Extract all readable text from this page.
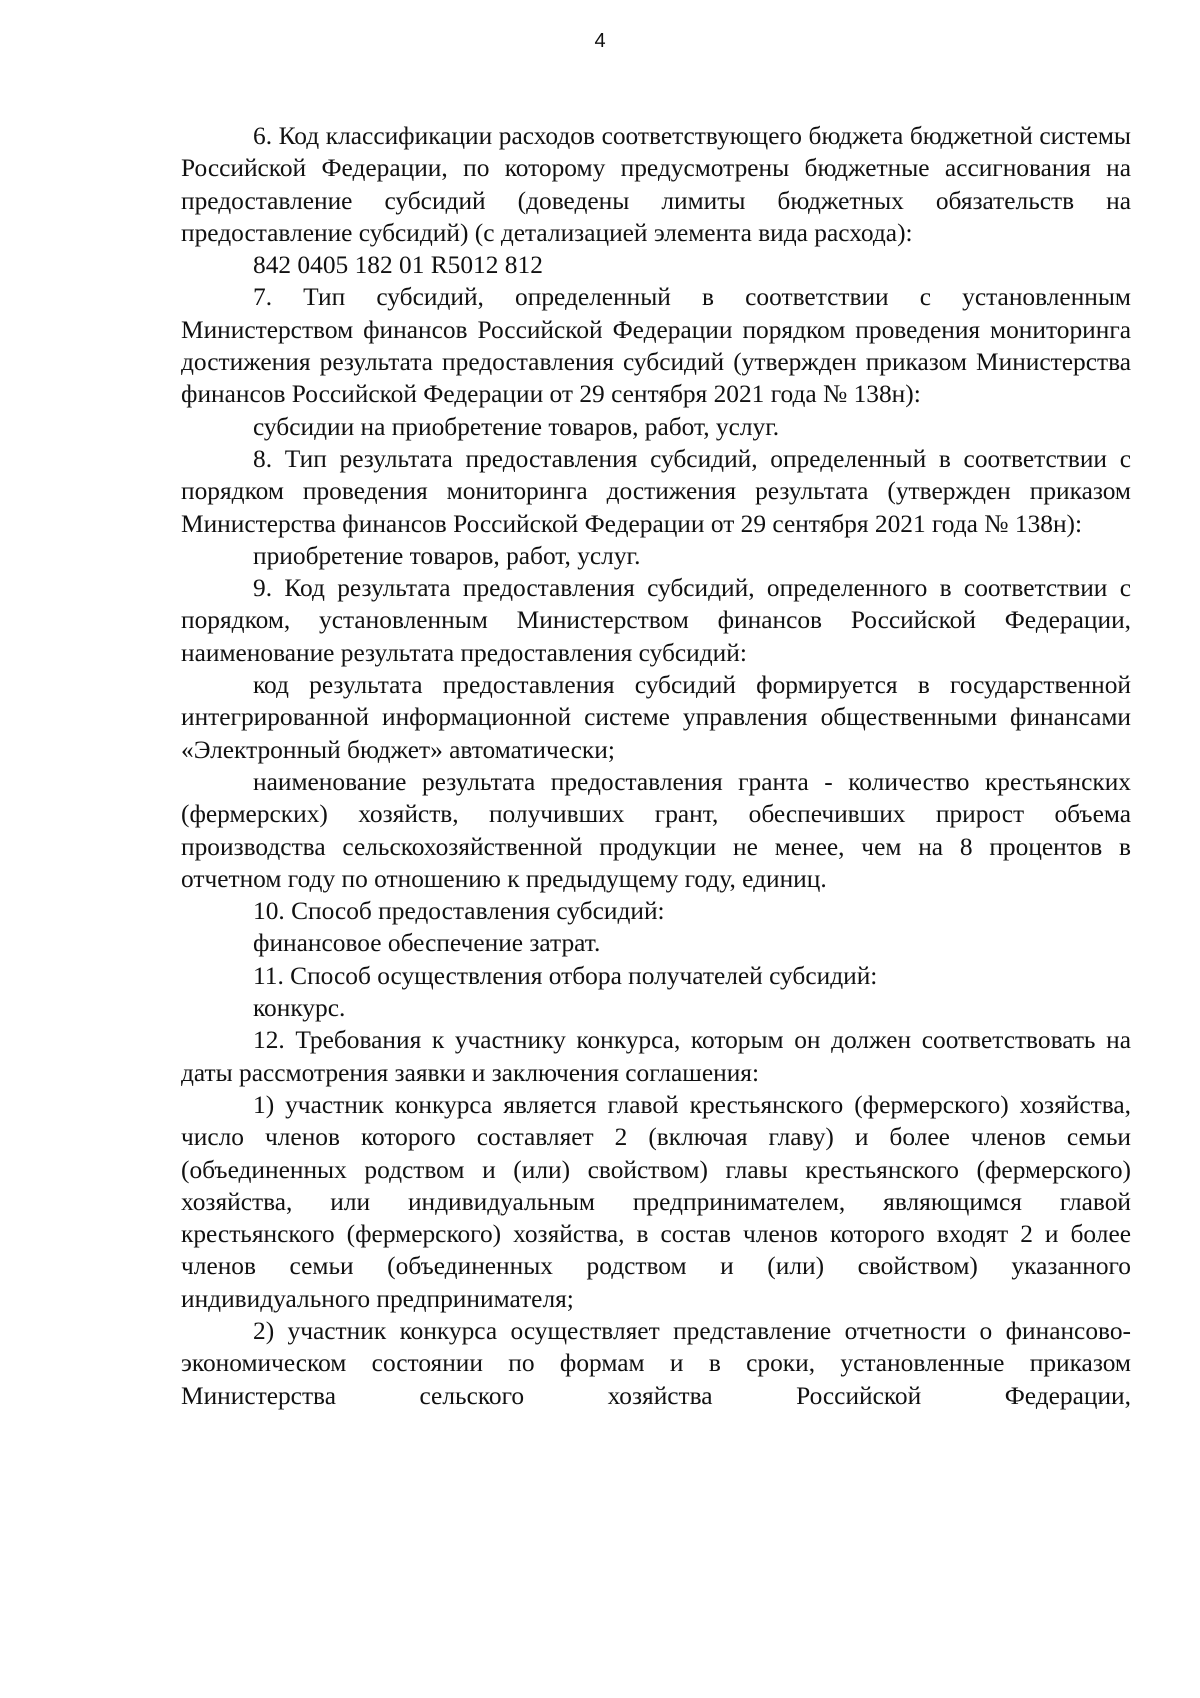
4

6. Код классификации расходов соответствующего бюджета бюджетной системы Российской Федерации, по которому предусмотрены бюджетные ассигнования на предоставление субсидий (доведены лимиты бюджетных обязательств на предоставление субсидий) (с детализацией элемента вида расхода):

842 0405 182 01 R5012 812

7. Тип субсидий, определенный в соответствии с установленным Министерством финансов Российской Федерации порядком проведения мониторинга достижения результата предоставления субсидий (утвержден приказом Министерства финансов Российской Федерации от 29 сентября 2021 года № 138н):

субсидии на приобретение товаров, работ, услуг.

8. Тип результата предоставления субсидий, определенный в соответствии с порядком проведения мониторинга достижения результата (утвержден приказом Министерства финансов Российской Федерации от 29 сентября 2021 года № 138н):

приобретение товаров, работ, услуг.

9. Код результата предоставления субсидий, определенного в соответствии с порядком, установленным Министерством финансов Российской Федерации, наименование результата предоставления субсидий:

код результата предоставления субсидий формируется в государственной интегрированной информационной системе управления общественными финансами «Электронный бюджет» автоматически;

наименование результата предоставления гранта - количество крестьянских (фермерских) хозяйств, получивших грант, обеспечивших прирост объема производства сельскохозяйственной продукции не менее, чем на 8 процентов в отчетном году по отношению к предыдущему году, единиц.

10. Способ предоставления субсидий:

финансовое обеспечение затрат.

11. Способ осуществления отбора получателей субсидий:

конкурс.

12. Требования к участнику конкурса, которым он должен соответствовать на даты рассмотрения заявки и заключения соглашения:

1) участник конкурса является главой крестьянского (фермерского) хозяйства, число членов которого составляет 2 (включая главу) и более членов семьи (объединенных родством и (или) свойством) главы крестьянского (фермерского) хозяйства, или индивидуальным предпринимателем, являющимся главой крестьянского (фермерского) хозяйства, в состав членов которого входят 2 и более членов семьи (объединенных родством и (или) свойством) указанного индивидуального предпринимателя;

2) участник конкурса осуществляет представление отчетности о финансово-экономическом состоянии по формам и в сроки, установленные приказом Министерства сельского хозяйства Российской Федерации,
